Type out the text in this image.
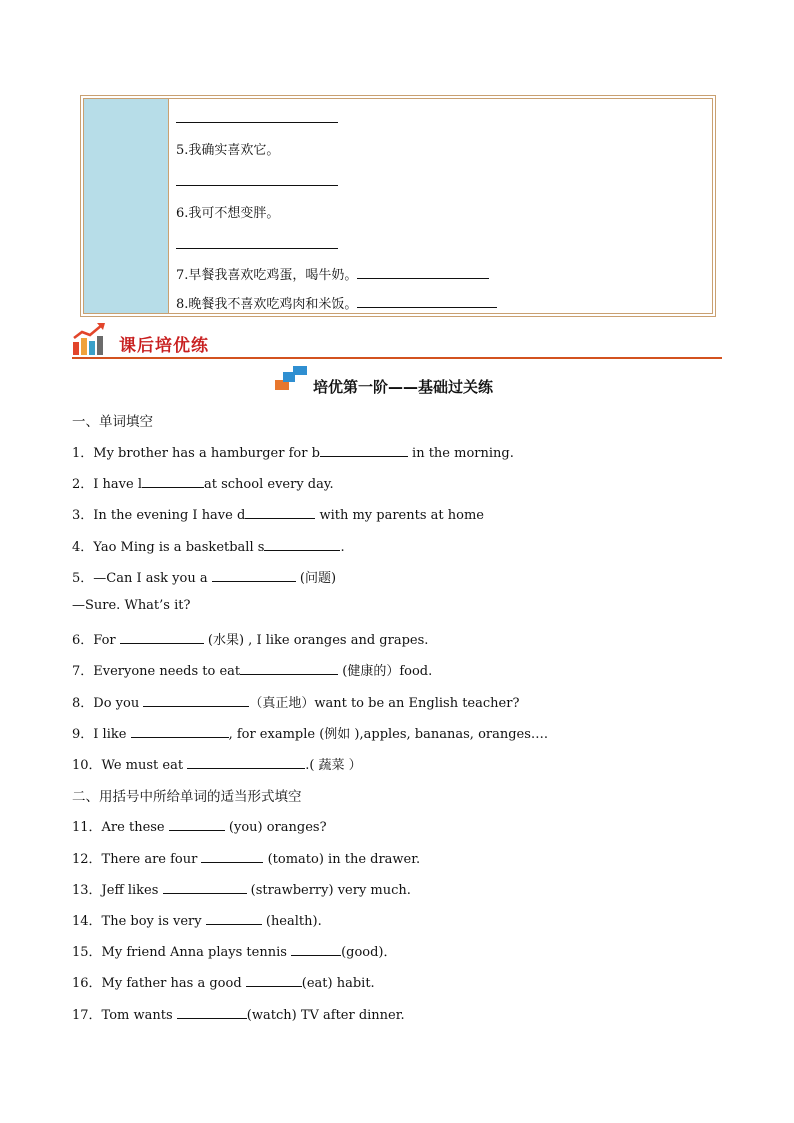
5.我确实喜欢它。
6.我可不想变胖。
7.早餐我喜欢吃鸡蛋，喝牛奶。
8.晚餐我不喜欢吃鸡肉和米饭。
课后培优练
培优第一阶——基础过关练
一、单词填空
1．My brother has a hamburger for b	in the morning.
2．I have l	at school every day.
3．In the evening I have d	with my parents at home
4．Yao Ming is a basketball s	.
5．—Can I ask you a	(问题)
—Sure. What’s it?
6．For	(水果) , I like oranges and grapes.
7．Everyone needs to eat	(健康的）food.
8．Do you	（真正地）want to be an English teacher?
9．I like	, for example (例如 ),apples, bananas, oranges….
10．We must eat	.( 蔬菜 ）
二、用括号中所给单词的适当形式填空
11．Are these	(you) oranges?
12．There are four	(tomato) in the drawer.
13．Jeff likes	(strawberry) very much.
14．The boy is very	(health).
15．My friend Anna plays tennis	(good)．
16．My father has a good	(eat) habit.
17．Tom wants	(watch) TV after dinner.
